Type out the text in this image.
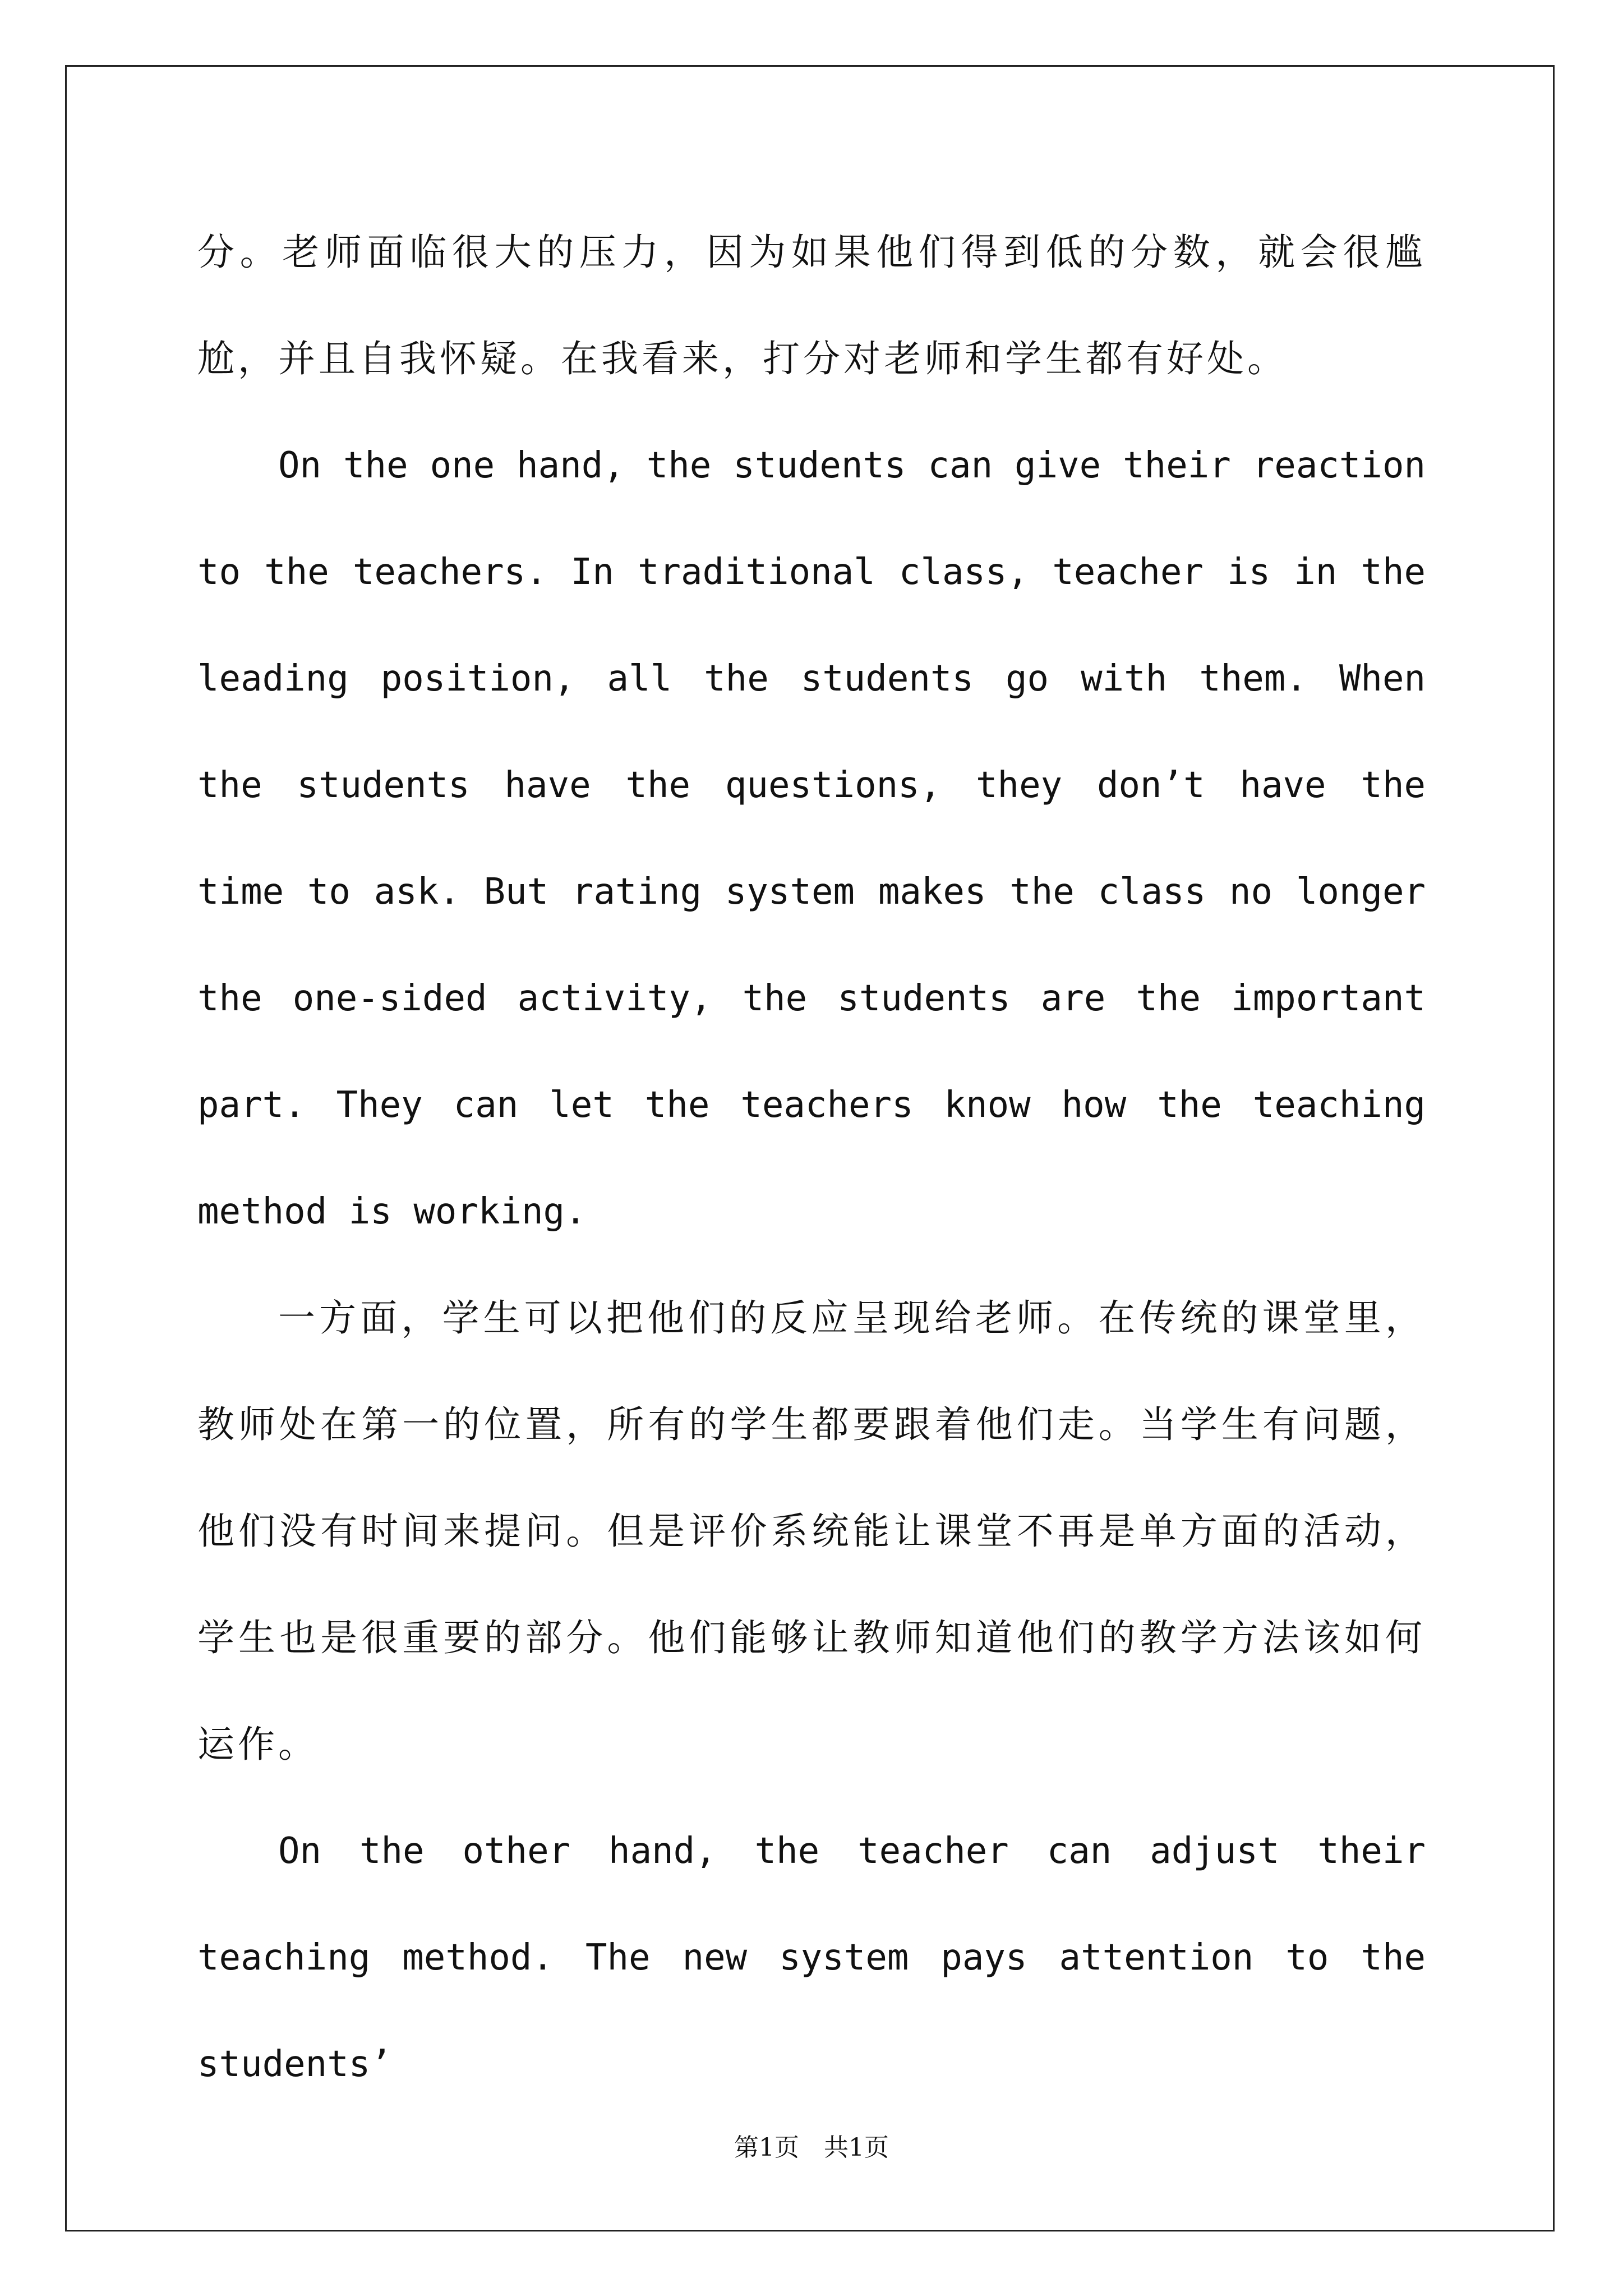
分。老师面临很大的压力，因为如果他们得到低的分数，就会很尴尬，并且自我怀疑。在我看来，打分对老师和学生都有好处。

On the one hand, the students can give their reaction to the teachers. In traditional class, teacher is in the leading position, all the students go with them. When the students have the questions, they don’t have the time to ask. But rating system makes the class no longer the one-sided activity, the students are the important part. They can let the teachers know how the teaching method is working.

一方面，学生可以把他们的反应呈现给老师。在传统的课堂里，教师处在第一的位置，所有的学生都要跟着他们走。当学生有问题，他们没有时间来提问。但是评价系统能让课堂不再是单方面的活动，学生也是很重要的部分。他们能够让教师知道他们的教学方法该如何运作。

On the other hand, the teacher can adjust their teaching method. The new system pays attention to the students’

第1页　共1页
